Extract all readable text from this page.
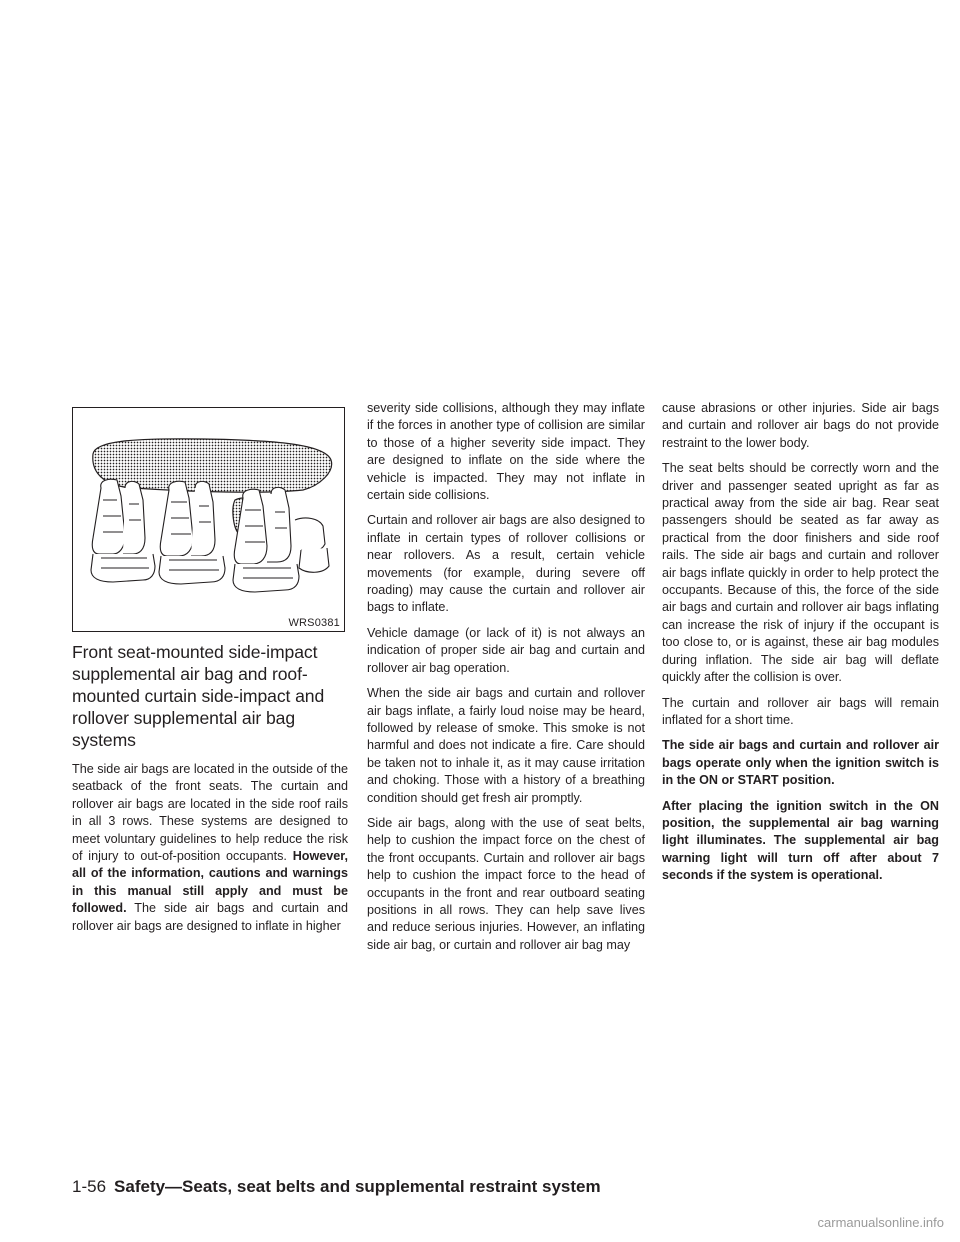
WRS0381
Front seat-mounted side-impact supplemental air bag and roof-mounted curtain side-impact and rollover supplemental air bag systems

The side air bags are located in the outside of the seatback of the front seats. The curtain and rollover air bags are located in the side roof rails in all 3 rows. These systems are designed to meet voluntary guidelines to help reduce the risk of injury to out-of-position occupants. However, all of the information, cautions and warnings in this manual still apply and must be followed. The side air bags and curtain and rollover air bags are designed to inflate in higher

severity side collisions, although they may inflate if the forces in another type of collision are similar to those of a higher severity side impact. They are designed to inflate on the side where the vehicle is impacted. They may not inflate in certain side collisions.

Curtain and rollover air bags are also designed to inflate in certain types of rollover collisions or near rollovers. As a result, certain vehicle movements (for example, during severe off roading) may cause the curtain and rollover air bags to inflate.

Vehicle damage (or lack of it) is not always an indication of proper side air bag and curtain and rollover air bag operation.

When the side air bags and curtain and rollover air bags inflate, a fairly loud noise may be heard, followed by release of smoke. This smoke is not harmful and does not indicate a fire. Care should be taken not to inhale it, as it may cause irritation and choking. Those with a history of a breathing condition should get fresh air promptly.

Side air bags, along with the use of seat belts, help to cushion the impact force on the chest of the front occupants. Curtain and rollover air bags help to cushion the impact force to the head of occupants in the front and rear outboard seating positions in all rows. They can help save lives and reduce serious injuries. However, an inflating side air bag, or curtain and rollover air bag may

cause abrasions or other injuries. Side air bags and curtain and rollover air bags do not provide restraint to the lower body.

The seat belts should be correctly worn and the driver and passenger seated upright as far as practical away from the side air bag. Rear seat passengers should be seated as far away as practical from the door finishers and side roof rails. The side air bags and curtain and rollover air bags inflate quickly in order to help protect the occupants. Because of this, the force of the side air bags and curtain and rollover air bags inflating can increase the risk of injury if the occupant is too close to, or is against, these air bag modules during inflation. The side air bag will deflate quickly after the collision is over.

The curtain and rollover air bags will remain inflated for a short time.

The side air bags and curtain and rollover air bags operate only when the ignition switch is in the ON or START position.

After placing the ignition switch in the ON position, the supplemental air bag warning light illuminates. The supplemental air bag warning light will turn off after about 7 seconds if the system is operational.

1-56 Safety—Seats, seat belts and supplemental restraint system
carmanualsonline.info
